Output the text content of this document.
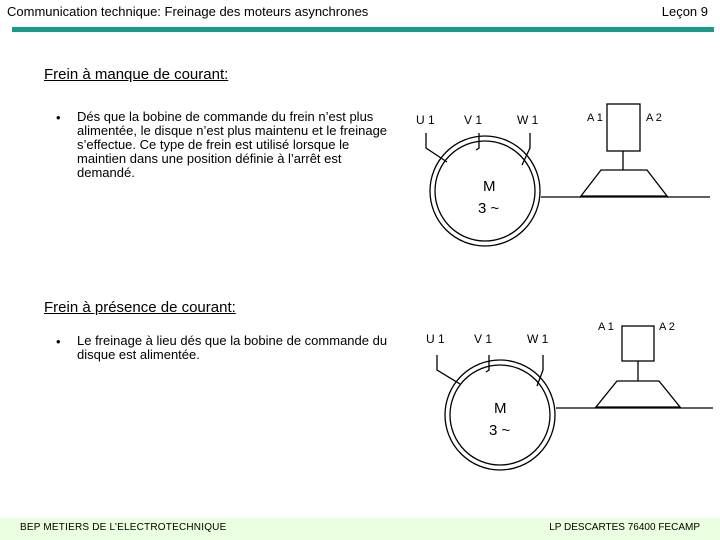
Communication technique: Freinage des moteurs asynchrones	Leçon 9
Frein à manque de courant:
• Dés que la bobine de commande du frein n’est plus alimentée, le disque n’est plus maintenu et le freinage s’effectue. Ce type de frein est utilisé lorsque le maintien dans une position définie à l’arrêt est demandé.
Frein à présence de courant:
• Le freinage à lieu dés que la bobine de commande du disque est alimentée.
U 1 V 1	W 1	A 1	A 2
M
3 ~
U 1 V 1	W 1
A 1	A 2
M
3 ~
BEP METIERS DE L’ELECTROTECHNIQUE	LP DESCARTES 76400 FECAMP
